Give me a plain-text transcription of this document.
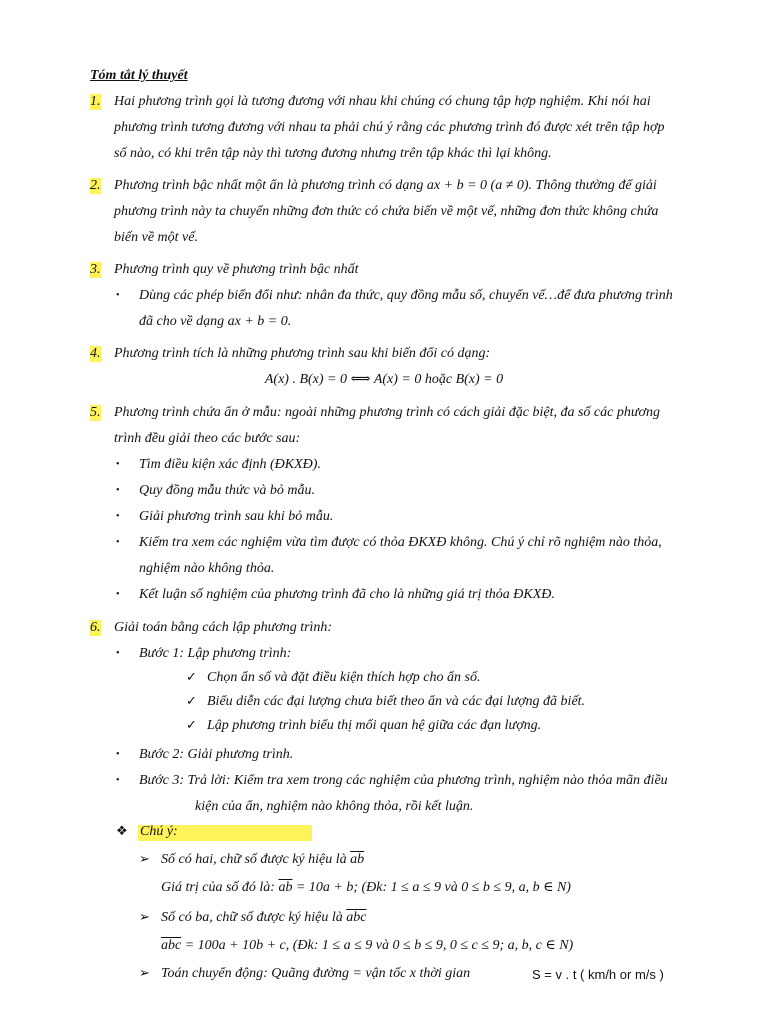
Tóm tắt lý thuyết
1. Hai phương trình gọi là tương đương với nhau khi chúng có chung tập hợp nghiệm. Khi nói hai
phương trình tương đương với nhau ta phải chú ý rằng các phương trình đó được xét trên tập hợp
số nào, có khi trên tập này thì tương đương nhưng trên tập khác thì lại không.
2. Phương trình bậc nhất một ẩn là phương trình có dạng ax + b = 0 (a ≠ 0). Thông thường để giải
phương trình này ta chuyển những đơn thức có chứa biến về một vế, những đơn thức không chứa
biến về một vế.
3. Phương trình quy về phương trình bậc nhất
• Dùng các phép biến đổi như: nhân đa thức, quy đồng mẫu số, chuyển vế…để đưa phương trình
đã cho về dạng ax + b = 0.
4. Phương trình tích là những phương trình sau khi biến đổi có dạng:
A(x) . B(x) = 0 ⟺ A(x) = 0 hoặc B(x) = 0
5. Phương trình chứa ẩn ở mẫu: ngoài những phương trình có cách giải đặc biệt, đa số các phương
trình đều giải theo các bước sau:
• Tìm điều kiện xác định (ĐKXĐ).
• Quy đồng mẫu thức và bỏ mẫu.
• Giải phương trình sau khi bỏ mẫu.
• Kiểm tra xem các nghiệm vừa tìm được có thỏa ĐKXĐ không. Chú ý chỉ rõ nghiệm nào thỏa,
nghiệm nào không thỏa.
• Kết luận số nghiệm của phương trình đã cho là những giá trị thỏa ĐKXĐ.
6. Giải toán bằng cách lập phương trình:
• Bước 1: Lập phương trình:
✓ Chọn ẩn số và đặt điều kiện thích hợp cho ẩn số.
✓ Biểu diễn các đại lượng chưa biết theo ẩn và các đại lượng đã biết.
✓ Lập phương trình biểu thị mối quan hệ giữa các đạn lượng.
• Bước 2: Giải phương trình.
• Bước 3: Trả lời: Kiểm tra xem trong các nghiệm của phương trình, nghiệm nào thỏa mãn điều
kiện của ẩn, nghiệm nào không thỏa, rồi kết luận.
❖ Chú ý:
➢ Số có hai, chữ số được ký hiệu là $\overline{ab}$
Giá trị của số đó là: $\overline{ab} = 10a + b$; (Đk: 1 ≤ a ≤ 9 và 0 ≤ b ≤ 9, a, b ∈ N)
➢ Số có ba, chữ số được ký hiệu là $\overline{abc}$
$\overline{abc} = 100a + 10b + c$, (Đk: 1 ≤ a ≤ 9 và 0 ≤ b ≤ 9, 0 ≤ c ≤ 9; a, b, c ∈ N)
➢ Toán chuyển động: Quãng đường = vận tốc x thời gian	S = v . t ( km/h or m/s )
